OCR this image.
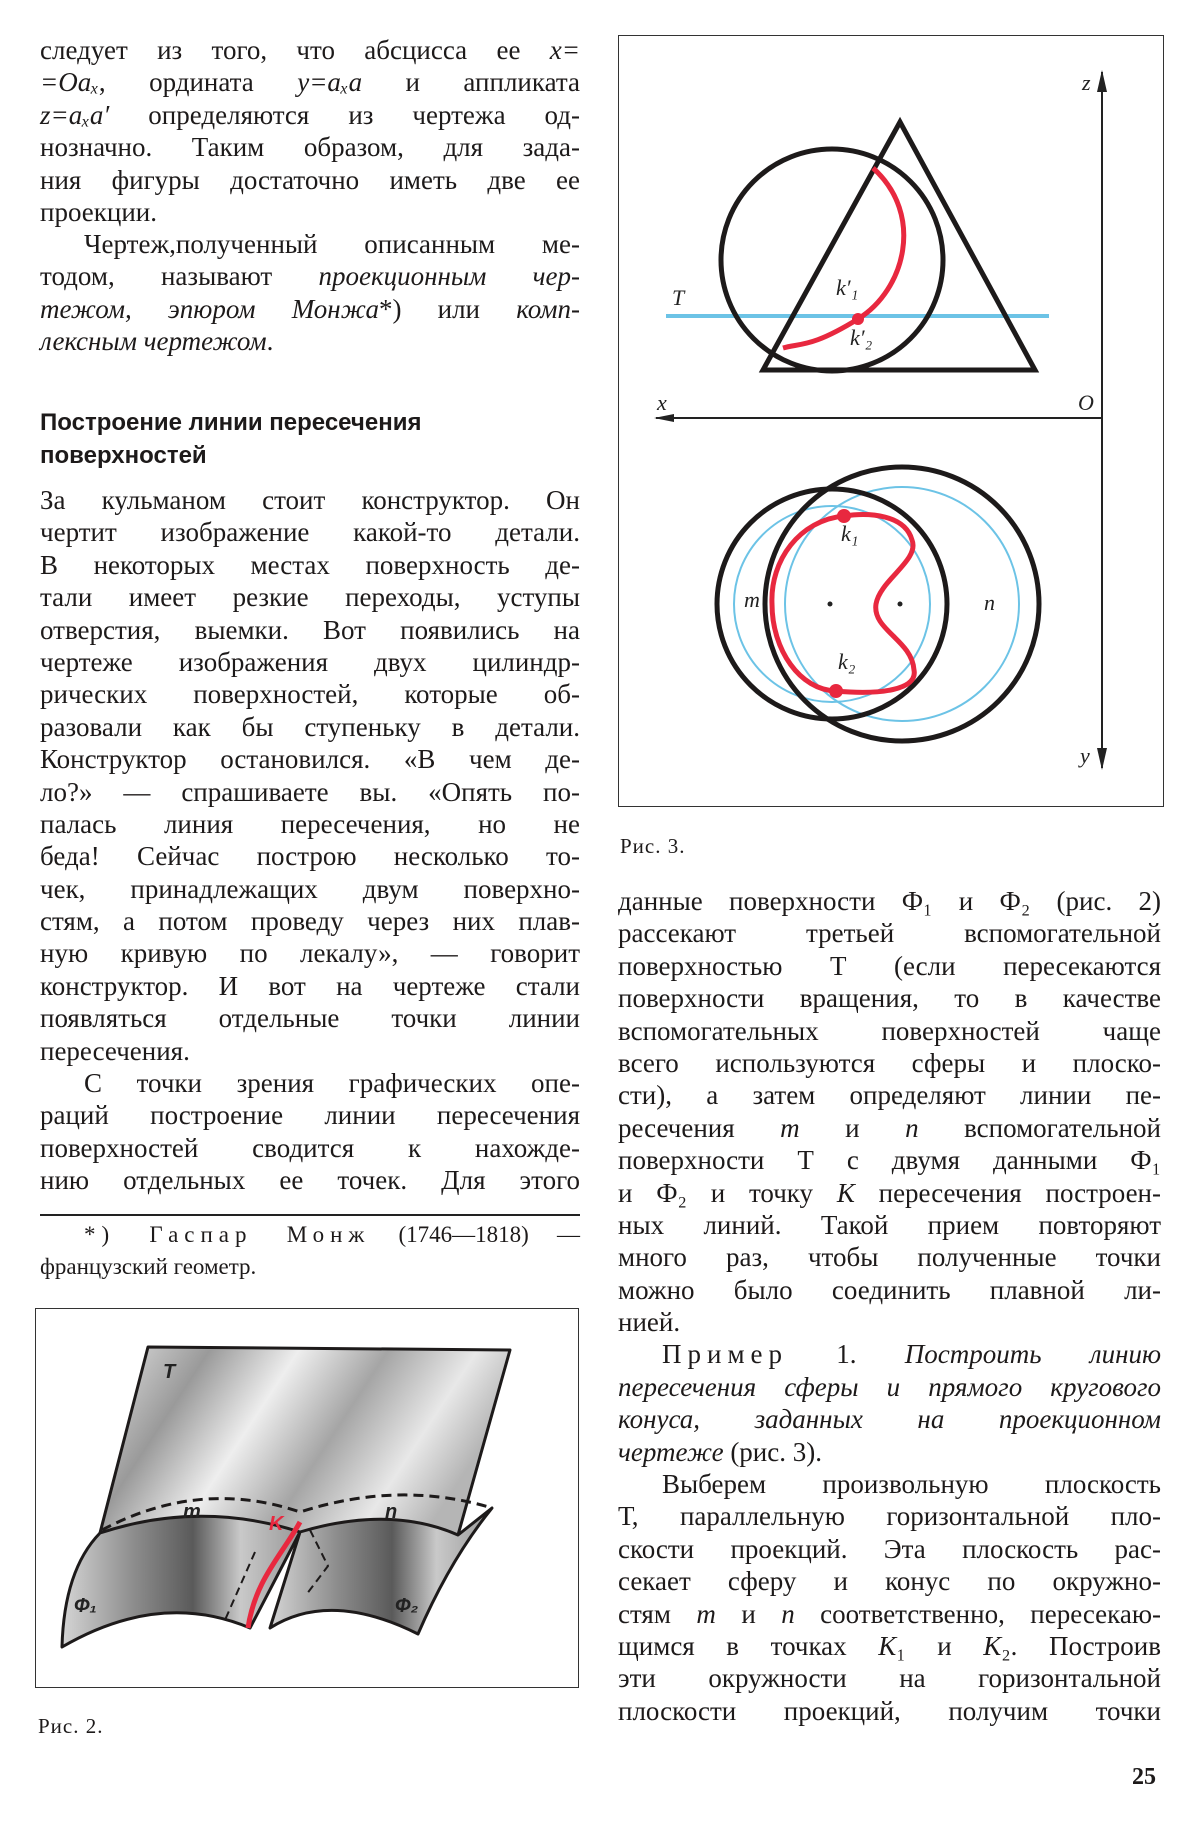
следует из того, что абсцисса ее x=
=Oaₓ, ордината y=aₓa и аппликата
z=aₓa′ определяются из чертежа од-
нозначно. Таким образом, для зада-
ния фигуры достаточно иметь две ее
проекции.
Чертеж,полученный описанным ме-
тодом, называют проекционным чер-
тежом, эпюром Монжа*) или комп-
лексным чертежом.
Построение линии пересечения
поверхностей
За кульманом стоит конструктор. Он
чертит изображение какой-то детали.
В некоторых местах поверхность де-
тали имеет резкие переходы, уступы
отверстия, выемки. Вот появились на
чертеже изображения двух цилиндр-
рических поверхностей, которые об-
разовали как бы ступеньку в детали.
Конструктор остановился. «В чем де-
ло?» — спрашиваете вы. «Опять по-
палась линия пересечения, но не
беда! Сейчас построю несколько то-
чек, принадлежащих двум поверхно-
стям, а потом проведу через них плав-
ную кривую по лекалу», — говорит
конструктор. И вот на чертеже стали
появляться отдельные точки линии
пересечения.
С точки зрения графических опе-
раций построение линии пересечения
поверхностей сводится к нахожде-
нию отдельных ее точек. Для этого
*) Гаспар Монж (1746—1818) —
французский геометр.
данные поверхности Ф₁ и Ф₂ (рис. 2)
рассекают третьей вспомогательной
поверхностью Т (если пересекаются
поверхности вращения, то в качестве
вспомогательных поверхностей чаще
всего используются сферы и плоско-
сти), а затем определяют линии пе-
ресечения m и n вспомогательной
поверхности Т с двумя данными Ф₁
и Ф₂ и точку K пересечения построен-
ных линий. Такой прием повторяют
много раз, чтобы полученные точки
можно было соединить плавной ли-
нией.
Пример 1. Построить линию
пересечения сферы и прямого кругового
конуса, заданных на проекционном
чертеже (рис. 3).
Выберем произвольную плоскость
Т, параллельную горизонтальной пло-
скости проекций. Эта плоскость рас-
секает сферу и конус по окружно-
стям m и n соответственно, пересекаю-
щимся в точках K₁ и K₂. Построив
эти окружности на горизонтальной
плоскости проекций, получим точки
z
x	O
y
T	k′₁
k′₂
k₁
k₂
m	n
T
m	n
K
Ф₁	Ф₂
Рис. 3.
Рис. 2.
25
